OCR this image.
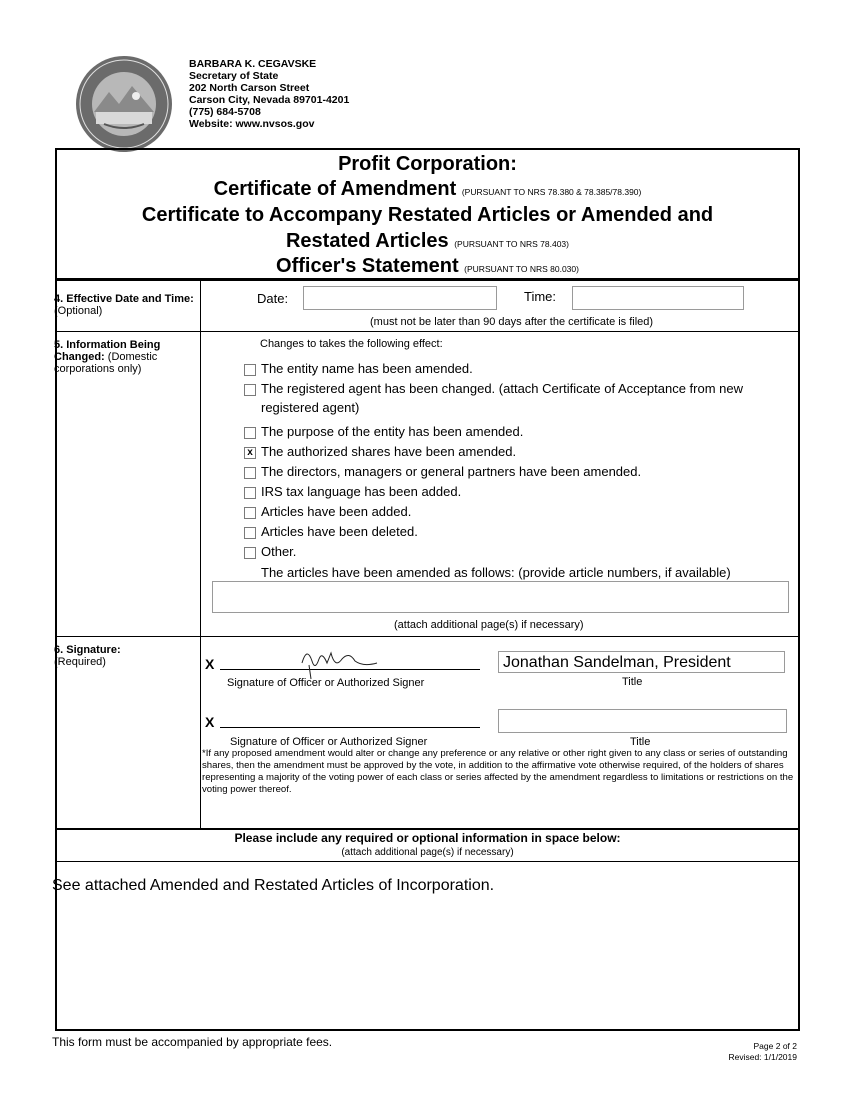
BARBARA K. CEGAVSKE
Secretary of State
202 North Carson Street
Carson City, Nevada 89701-4201
(775) 684-5708
Website: www.nvsos.gov
Profit Corporation:
Certificate of Amendment (PURSUANT TO NRS 78.380 & 78.385/78.390)
Certificate to Accompany Restated Articles or Amended and
Restated Articles (PURSUANT TO NRS 78.403)
Officer's Statement (PURSUANT TO NRS 80.030)
4. Effective Date and Time: (Optional)
Date:	Time:
(must not be later than 90 days after the certificate is filed)
5. Information Being Changed: (Domestic corporations only)
Changes to takes the following effect:
The entity name has been amended.
The registered agent has been changed. (attach Certificate of Acceptance from new
registered agent)
The purpose of the entity has been amended.
x The authorized shares have been amended.
The directors, managers or general partners have been amended.
IRS tax language has been added.
Articles have been added.
Articles have been deleted.
Other.
The articles have been amended as follows: (provide article numbers, if available)
(attach additional page(s) if necessary)
6. Signature:
(Required)	X
Signature of Officer or Authorized Signer
Jonathan Sandelman, President
Title
X
Signature of Officer or Authorized Signer	Title
*If any proposed amendment would alter or change any preference or any relative or other right given to any class or series of outstanding shares, then the amendment must be approved by the vote, in addition to the affirmative vote otherwise required, of the holders of shares representing a majority of the voting power of each class or series affected by the amendment regardless to limitations or restrictions on the voting power thereof.
Please include any required or optional information in space below:
(attach additional page(s) if necessary)
See attached Amended and Restated Articles of Incorporation.
This form must be accompanied by appropriate fees.	Page 2 of 2
Revised: 1/1/2019
